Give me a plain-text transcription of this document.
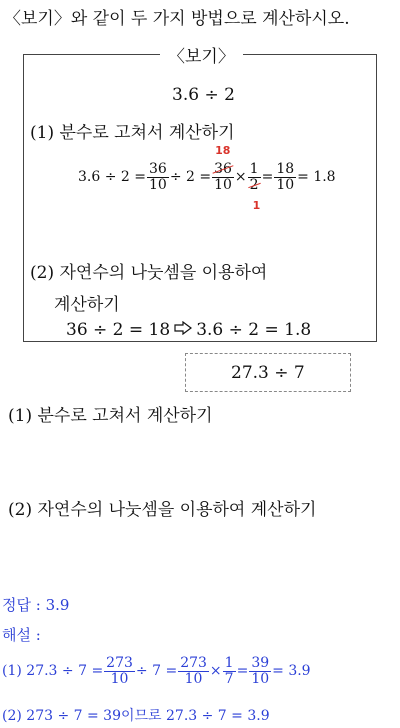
〈보기〉와 같이 두 가지 방법으로 계산하시오.
〈보기〉
3.6 ÷ 2
(1) 분수로 고쳐서 계산하기
$3.6 \div 2 = \frac{36}{10} \div 2$ =
18
36
10 ×
1
2
1
= $\frac{18}{10} = 1.8$
(2) 자연수의 나눗셈을 이용하여
계산하기
36 ÷ 2 = 18 3.6 ÷ 2 = 1.8
27.3 ÷ 7
(1) 분수로 고쳐서 계산하기
(2) 자연수의 나눗셈을 이용하여 계산하기
정답 : 3.9
해설 :
(1) $27.3 \div 7 = \frac{273}{10} \div 7 = \frac{273}{10} \times \frac{1}{7} = \frac{39}{10} = 3.9$
(2) 273 ÷ 7 = 39이므로 27.3 ÷ 7 = 3.9
